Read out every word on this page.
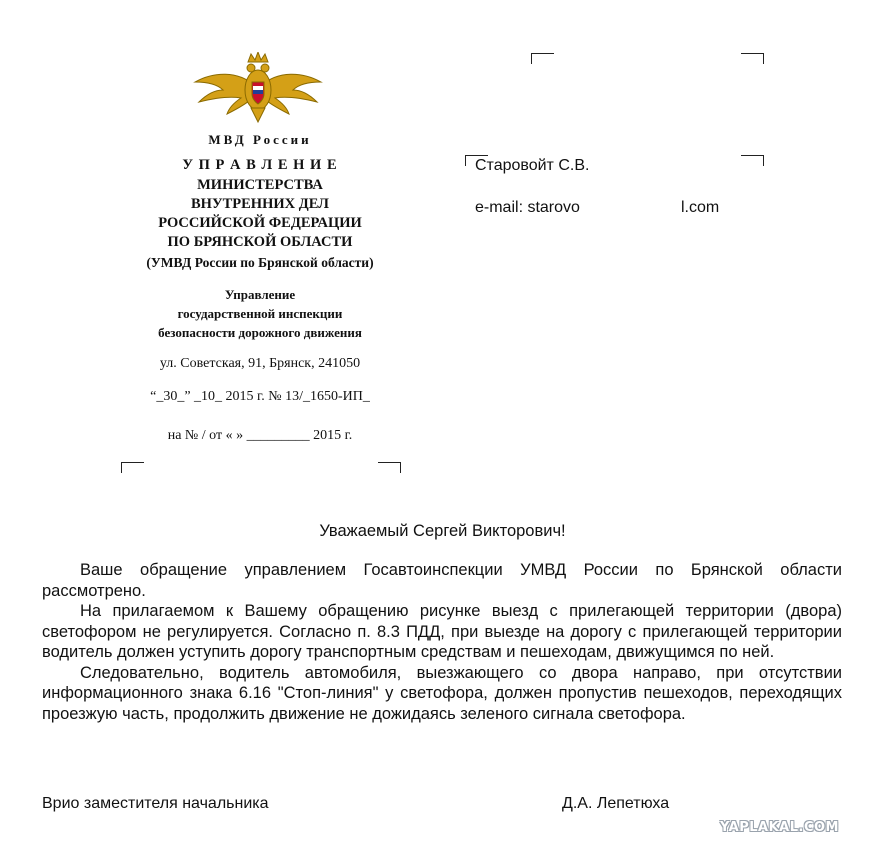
МВД России
У П Р А В Л Е Н И Е
МИНИСТЕРСТВА
ВНУТРЕННИХ ДЕЛ
РОССИЙСКОЙ ФЕДЕРАЦИИ
ПО БРЯНСКОЙ ОБЛАСТИ
(УМВД России по Брянской области)
Управление
государственной инспекции
безопасности дорожного движения
ул. Советская, 91, Брянск, 241050
“_30_” _10_ 2015 г. № 13/_1650-ИП_
на № / от « » _________ 2015 г.
Старовойт С.В.
e-mail: starovo	l.com
Уважаемый Сергей Викторович!

Ваше обращение управлением Госавтоинспекции УМВД России по Брянской области рассмотрено.

На прилагаемом к Вашему обращению рисунке выезд с прилегающей территории (двора) светофором не регулируется. Согласно п. 8.3 ПДД, при выезде на дорогу с прилегающей территории водитель должен уступить дорогу транспортным средствам и пешеходам, движущимся по ней.

Следовательно, водитель автомобиля, выезжающего со двора направо, при отсутствии информационного знака 6.16 "Стоп-линия" у светофора, должен пропустив пешеходов, переходящих проезжую часть, продолжить движение не дожидаясь зеленого сигнала светофора.

Врио заместителя начальника	Д.А. Лепетюха
YAPLAKAL.COM
